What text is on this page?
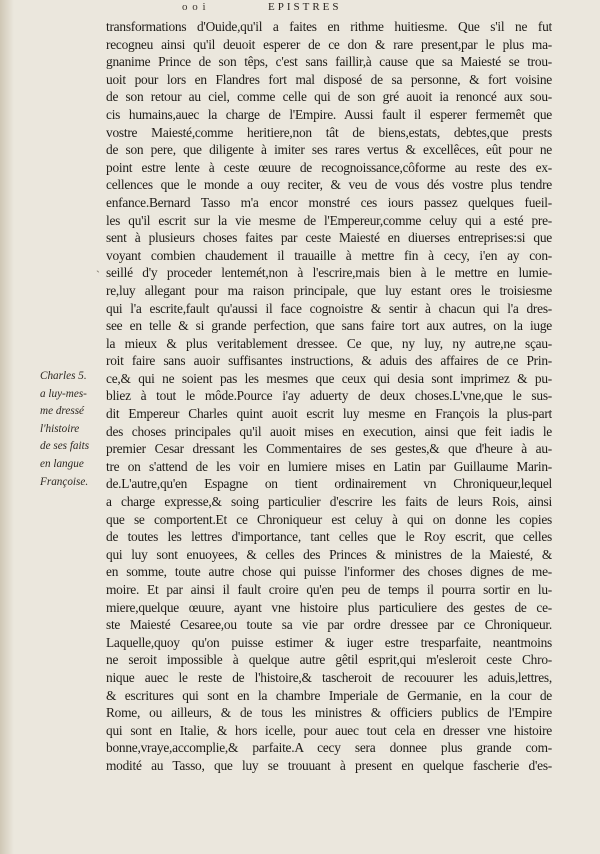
o o i	EPISTRES
`
Charles 5.
a luy-mes-
me dressé
l'histoire
de ses faits
en langue
Françoise.
transformations d'Ouide,qu'il a faites en rithme huitiesme. Que s'il ne fut
recogneu ainsi qu'il deuoit esperer de ce don & rare present,par le plus ma-
gnanime Prince de son têps, c'est sans faillir,à cause que sa Maiesté se trou-
uoit pour lors en Flandres fort mal disposé de sa personne, & fort voisine
de son retour au ciel, comme celle qui de son gré auoit ia renoncé aux sou-
cis humains,auec la charge de l'Empire. Aussi fault il esperer fermemêt que
vostre Maiesté,comme heritiere,non tât de biens,estats, debtes,que prests
de son pere, que diligente à imiter ses rares vertus & excellêces, eût pour ne
point estre lente à ceste œuure de recognoissance,côforme au reste des ex-
cellences que le monde a ouy reciter, & veu de vous dés vostre plus tendre
enfance.Bernard Tasso m'a encor monstré ces iours passez quelques fueil-
les qu'il escrit sur la vie mesme de l'Empereur,comme celuy qui a esté pre-
sent à plusieurs choses faites par ceste Maiesté en diuerses entreprises:si que
voyant combien chaudement il trauaille à mettre fin à cecy, i'en ay con-
seillé d'y proceder lentemét,non à l'escrire,mais bien à le mettre en lumie-
re,luy allegant pour ma raison principale, que luy estant ores le troisiesme
qui l'a escrite,fault qu'aussi il face cognoistre & sentir à chacun qui l'a dres-
see en telle & si grande perfection, que sans faire tort aux autres, on la iuge
la mieux & plus veritablement dressee. Ce que, ny luy, ny autre,ne sçau-
roit faire sans auoir suffisantes instructions, & aduis des affaires de ce Prin-
ce,& qui ne soient pas les mesmes que ceux qui desia sont imprimez & pu-
bliez à tout le môde.Pource i'ay aduerty de deux choses.L'vne,que le sus-
dit Empereur Charles quint auoit escrit luy mesme en François la plus-part
des choses principales qu'il auoit mises en execution, ainsi que feit iadis le
premier Cesar dressant les Commentaires de ses gestes,& que d'heure à au-
tre on s'attend de les voir en lumiere mises en Latin par Guillaume Marin-
de.L'autre,qu'en Espagne on tient ordinairement vn Chroniqueur,lequel
a charge expresse,& soing particulier d'escrire les faits de leurs Rois, ainsi
que se comportent.Et ce Chroniqueur est celuy à qui on donne les copies
de toutes les lettres d'importance, tant celles que le Roy escrit, que celles
qui luy sont enuoyees, & celles des Princes & ministres de la Maiesté, &
en somme, toute autre chose qui puisse l'informer des choses dignes de me-
moire. Et par ainsi il fault croire qu'en peu de temps il pourra sortir en lu-
miere,quelque œuure, ayant vne histoire plus particuliere des gestes de ce-
ste Maiesté Cesaree,ou toute sa vie par ordre dressee par ce Chroniqueur.
Laquelle,quoy qu'on puisse estimer & iuger estre tresparfaite, neantmoins
ne seroit impossible à quelque autre gêtil esprit,qui m'esleroit ceste Chro-
nique auec le reste de l'histoire,& tascheroit de recouurer les aduis,lettres,
& escritures qui sont en la chambre Imperiale de Germanie, en la cour de
Rome, ou ailleurs, & de tous les ministres & officiers publics de l'Empire
qui sont en Italie, & hors icelle, pour auec tout cela en dresser vne histoire
bonne,vraye,accomplie,& parfaite.A cecy sera donnee plus grande com-
modité au Tasso, que luy se trouuant à present en quelque fascherie d'es-
